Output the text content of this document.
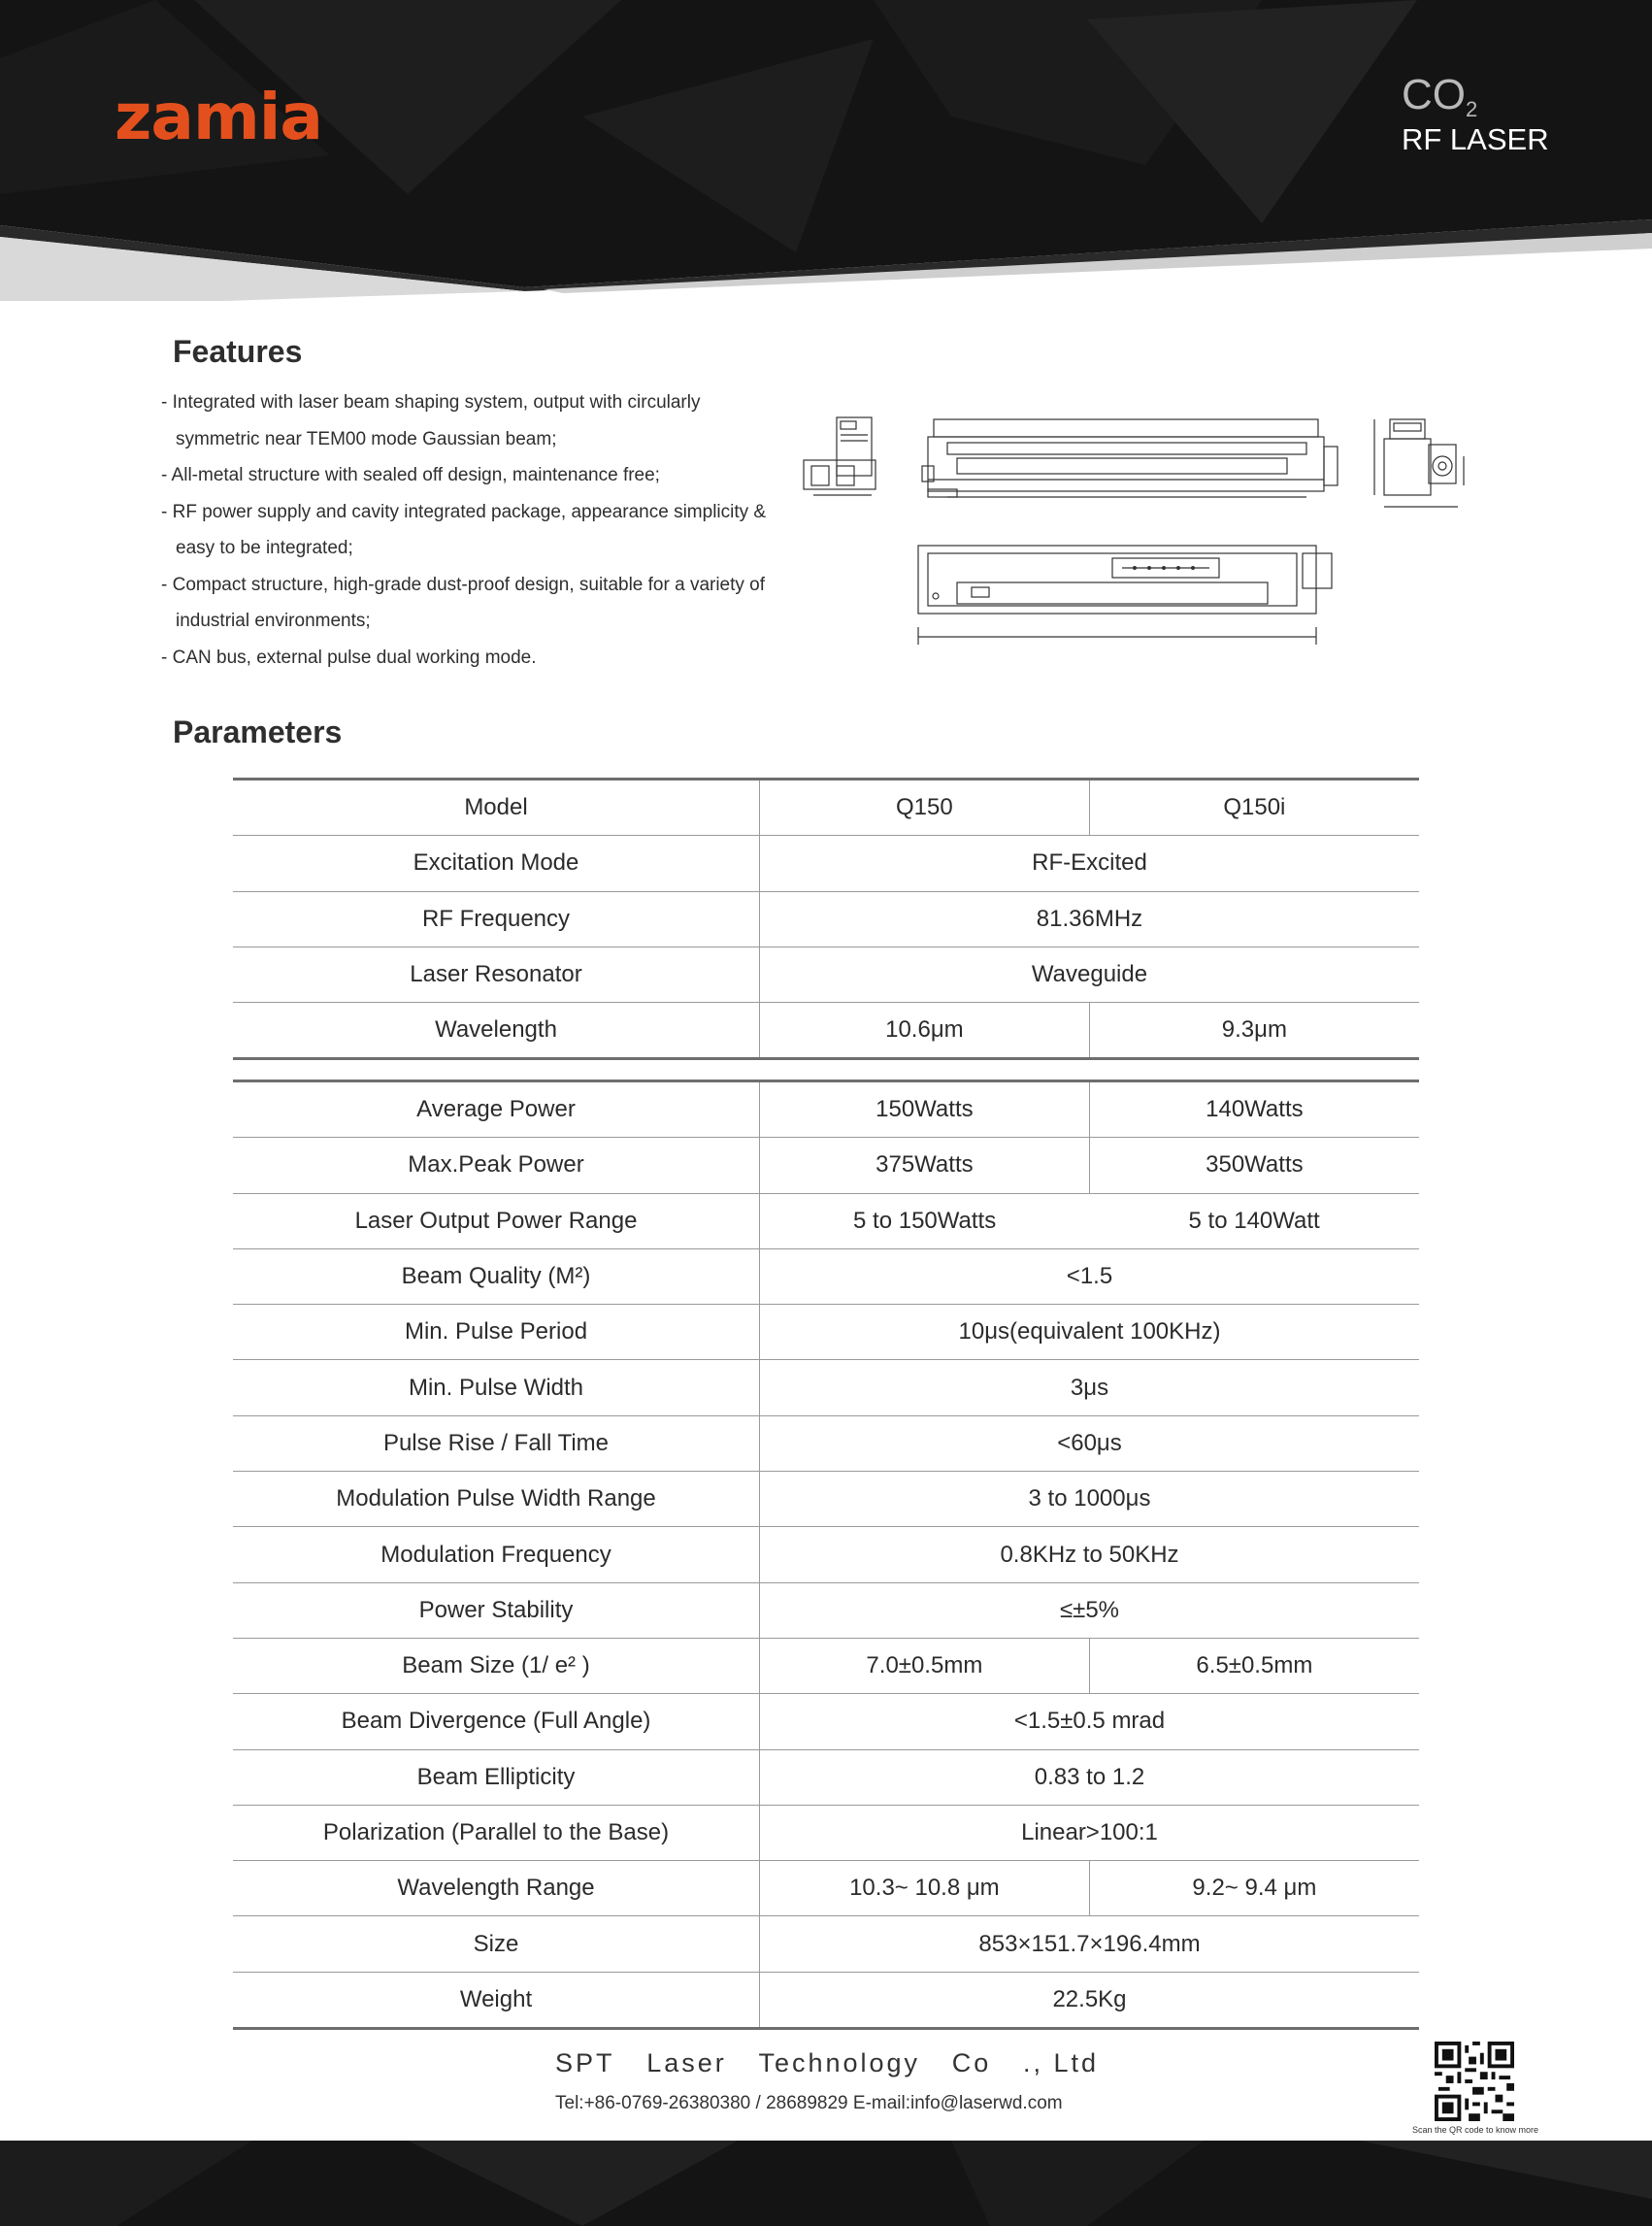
zamia	$CO_2$
RF LASER
Features
- Integrated with laser beam shaping system, output with circularly symmetric near TEM00 mode Gaussian beam;
- All-metal structure with sealed off design, maintenance free;
- RF power supply and cavity integrated package, appearance simplicity & easy to be integrated;
- Compact structure, high-grade dust-proof design, suitable for a variety of industrial environments;
- CAN bus, external pulse dual working mode.
Parameters
Model	Q150	Q150i
Excitation Mode	RF-Excited	
RF Frequency	81.36MHz	
Laser Resonator	Waveguide	
Wavelength	10.6μm	9.3μm
Average Power	150Watts	140Watts
Max.Peak Power	375Watts	350Watts
Laser Output Power Range	5 to 150Watts	5 to 140Watt
Beam Quality (M²)	<1.5	
Min. Pulse Period	10μs(equivalent 100KHz)	
Min. Pulse Width	3μs	
Pulse Rise / Fall Time	<60μs	
Modulation Pulse Width Range	3 to 1000μs	
Modulation Frequency	0.8KHz to 50KHz	
Power Stability	≤±5%	
Beam Size (1/ e² )	7.0±0.5mm	6.5±0.5mm
Beam Divergence (Full Angle)	<1.5±0.5 mrad	
Beam Ellipticity	0.83 to 1.2	
Polarization (Parallel to the Base)	Linear>100:1	
Wavelength Range	10.3~ 10.8 μm	9.2~ 9.4 μm
Size	853×151.7×196.4mm	
Weight	22.5Kg	
SPT Laser Technology Co ., Ltd
Tel:+86-0769-26380380 / 28689829 E-mail:info@laserwd.com
Scan the QR code to know more
